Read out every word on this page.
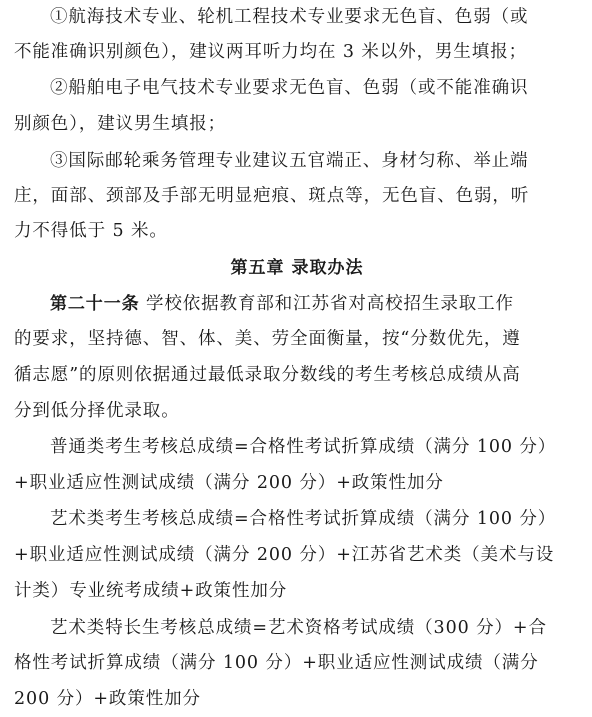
①航海技术专业、轮机工程技术专业要求无色盲、色弱（或
不能准确识别颜色），建议两耳听力均在 3 米以外，男生填报；
②船舶电子电气技术专业要求无色盲、色弱（或不能准确识
别颜色），建议男生填报；
③国际邮轮乘务管理专业建议五官端正、身材匀称、举止端
庄，面部、颈部及手部无明显疤痕、斑点等，无色盲、色弱，听
力不得低于 5 米。
第五章 录取办法
第二十一条 学校依据教育部和江苏省对高校招生录取工作
的要求，坚持德、智、体、美、劳全面衡量，按“分数优先，遵
循志愿”的原则依据通过最低录取分数线的考生考核总成绩从高
分到低分择优录取。
普通类考生考核总成绩=合格性考试折算成绩（满分 100 分）
+职业适应性测试成绩（满分 200 分）+政策性加分
艺术类考生考核总成绩=合格性考试折算成绩（满分 100 分）
+职业适应性测试成绩（满分 200 分）+江苏省艺术类（美术与设
计类）专业统考成绩+政策性加分
艺术类特长生考核总成绩=艺术资格考试成绩（300 分）+合
格性考试折算成绩（满分 100 分）+职业适应性测试成绩（满分
200 分）+政策性加分
